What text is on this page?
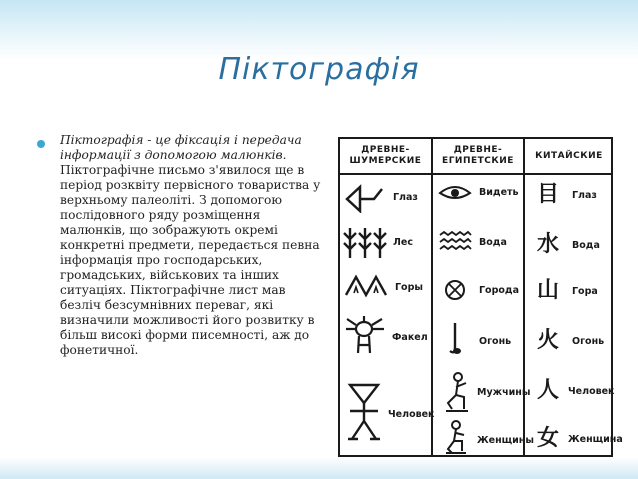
Піктографія
Піктографія - це фіксація і передача інформації з допомогою малюнків. Піктографічне письмо з'явилося ще в період розквіту первісного товариства у верхньому палеоліті. З допомогою послідовного ряду розміщення малюнків, що зображують окремі конкретні предмети, передається певна інформація про господарських, громадських, військових та інших ситуаціях. Піктографічне лист мав безліч безсумнівних переваг, які визначили можливості його розвитку в більш високі форми писемності, аж до фонетичної.
ДРЕВНЕ-
ШУМЕРСКИЕ
ДРЕВНЕ-
ЕГИПЕТСКИЕ	КИТАЙСКИЕ
Глаз
Лес
Горы
Факел
Человек
Видеть
Вода
Города
Огонь
Мужчины
Женщины
目 Глаз
水 Вода
山 Гора
火 Огонь
人 Человек
女 Женщина
